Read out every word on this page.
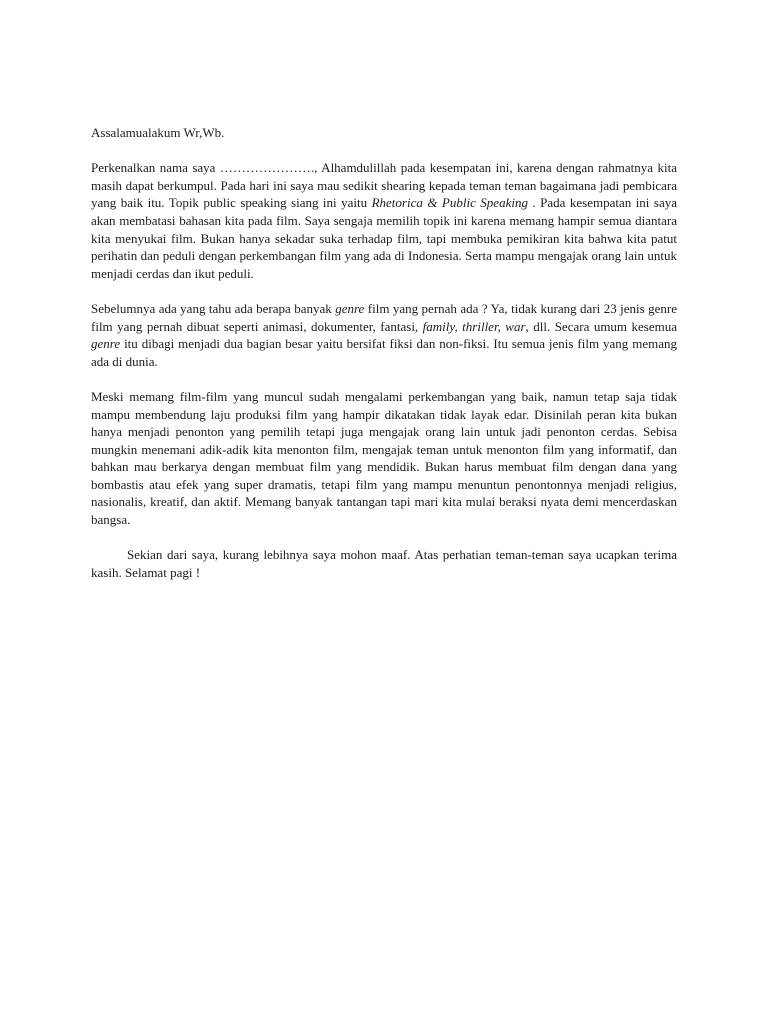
Assalamualakum Wr,Wb.

Perkenalkan nama saya …………………., Alhamdulillah pada kesempatan ini, karena dengan rahmatnya kita masih dapat berkumpul. Pada hari ini saya mau sedikit shearing kepada teman teman bagaimana jadi pembicara yang baik itu. Topik public speaking siang ini yaitu Rhetorica & Public Speaking . Pada kesempatan ini saya akan membatasi bahasan kita pada film. Saya sengaja memilih topik ini karena memang hampir semua diantara kita menyukai film. Bukan hanya sekadar suka terhadap film, tapi membuka pemikiran kita bahwa kita patut perihatin dan peduli dengan perkembangan film yang ada di Indonesia. Serta mampu mengajak orang lain untuk menjadi cerdas dan ikut peduli.

Sebelumnya ada yang tahu ada berapa banyak genre film yang pernah ada ? Ya, tidak kurang dari 23 jenis genre film yang pernah dibuat seperti animasi, dokumenter, fantasi, family, thriller, war, dll. Secara umum kesemua genre itu dibagi menjadi dua bagian besar yaitu bersifat fiksi dan non-fiksi. Itu semua jenis film yang memang ada di dunia.

Meski memang film-film yang muncul sudah mengalami perkembangan yang baik, namun tetap saja tidak mampu membendung laju produksi film yang hampir dikatakan tidak layak edar. Disinilah peran kita bukan hanya menjadi penonton yang pemilih tetapi juga mengajak orang lain untuk jadi penonton cerdas. Sebisa mungkin menemani adik-adik kita menonton film, mengajak teman untuk menonton film yang informatif, dan bahkan mau berkarya dengan membuat film yang mendidik. Bukan harus membuat film dengan dana yang bombastis atau efek yang super dramatis, tetapi film yang mampu menuntun penontonnya menjadi religius, nasionalis, kreatif, dan aktif. Memang banyak tantangan tapi mari kita mulai beraksi nyata demi mencerdaskan bangsa.

Sekian dari saya, kurang lebihnya saya mohon maaf. Atas perhatian teman-teman saya ucapkan terima kasih. Selamat pagi !
